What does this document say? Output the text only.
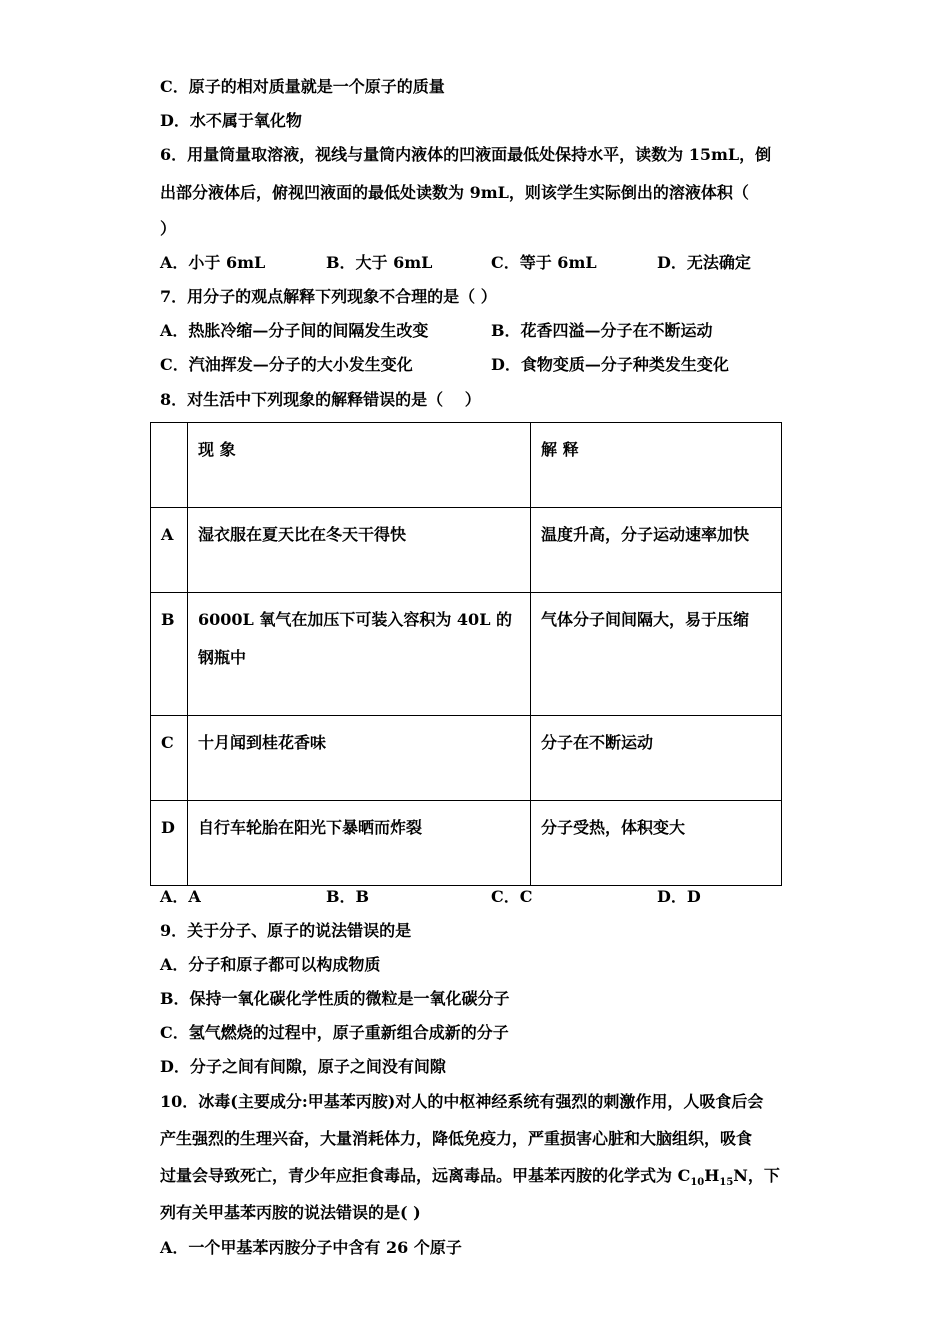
C．原子的相对质量就是一个原子的质量
D．水不属于氧化物
6．用量筒量取溶液，视线与量筒内液体的凹液面最低处保持水平，读数为 15mL，倒
出部分液体后，俯视凹液面的最低处读数为 9mL，则该学生实际倒出的溶液体积（
）
A．小于 6mL	B．大于 6mL	C．等于 6mL	D．无法确定
7．用分子的观点解释下列现象不合理的是（ ）
A．热胀冷缩—分子间的间隔发生改变	B．花香四溢—分子在不断运动
C．汽油挥发—分子的大小发生变化	D．食物变质—分子种类发生变化
8．对生活中下列现象的解释错误的是（　 ）
	现 象	解 释
A	湿衣服在夏天比在冬天干得快	温度升高，分子运动速率加快
B	6000L 氧气在加压下可装入容积为 40L 的钢瓶中	气体分子间间隔大，易于压缩
C	十月闻到桂花香味	分子在不断运动
D	自行车轮胎在阳光下暴晒而炸裂	分子受热，体积变大
A．A	B．B	C．C	D．D
9．关于分子、原子的说法错误的是
A．分子和原子都可以构成物质
B．保持一氧化碳化学性质的微粒是一氧化碳分子
C．氢气燃烧的过程中，原子重新组合成新的分子
D．分子之间有间隙，原子之间没有间隙
10．冰毒(主要成分:甲基苯丙胺)对人的中枢神经系统有强烈的刺激作用，人吸食后会
产生强烈的生理兴奋，大量消耗体力，降低免疫力，严重损害心脏和大脑组织，吸食
过量会导致死亡，青少年应拒食毒品，远离毒品。甲基苯丙胺的化学式为 $C_{10}H_{15}N$，下
列有关甲基苯丙胺的说法错误的是( )
A．一个甲基苯丙胺分子中含有 26 个原子
